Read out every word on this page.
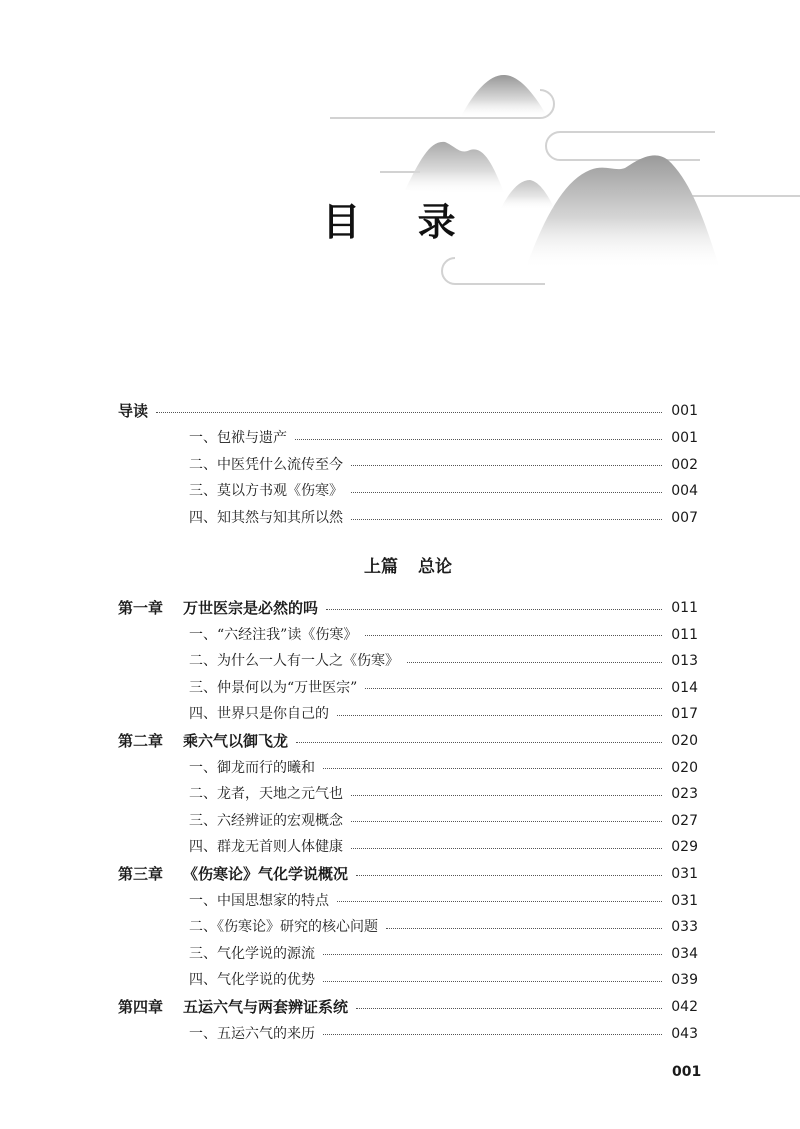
目 录
导读	001
一、包袱与遗产	001
二、中医凭什么流传至今	002
三、莫以方书观《伤寒》	004
四、知其然与知其所以然	007
第一章 万世医宗是必然的吗	011
一、“六经注我”读《伤寒》	011
二、为什么一人有一人之《伤寒》	013
三、仲景何以为“万世医宗”	014
四、世界只是你自己的	017
第二章 乘六气以御飞龙	020
一、御龙而行的曦和	020
二、龙者，天地之元气也	023
三、六经辨证的宏观概念	027
四、群龙无首则人体健康	029
第三章 《伤寒论》气化学说概况	031
一、中国思想家的特点	031
二、《伤寒论》研究的核心问题	033
三、气化学说的源流	034
四、气化学说的优势	039
第四章 五运六气与两套辨证系统	042
一、五运六气的来历	043
上篇 总论
001
